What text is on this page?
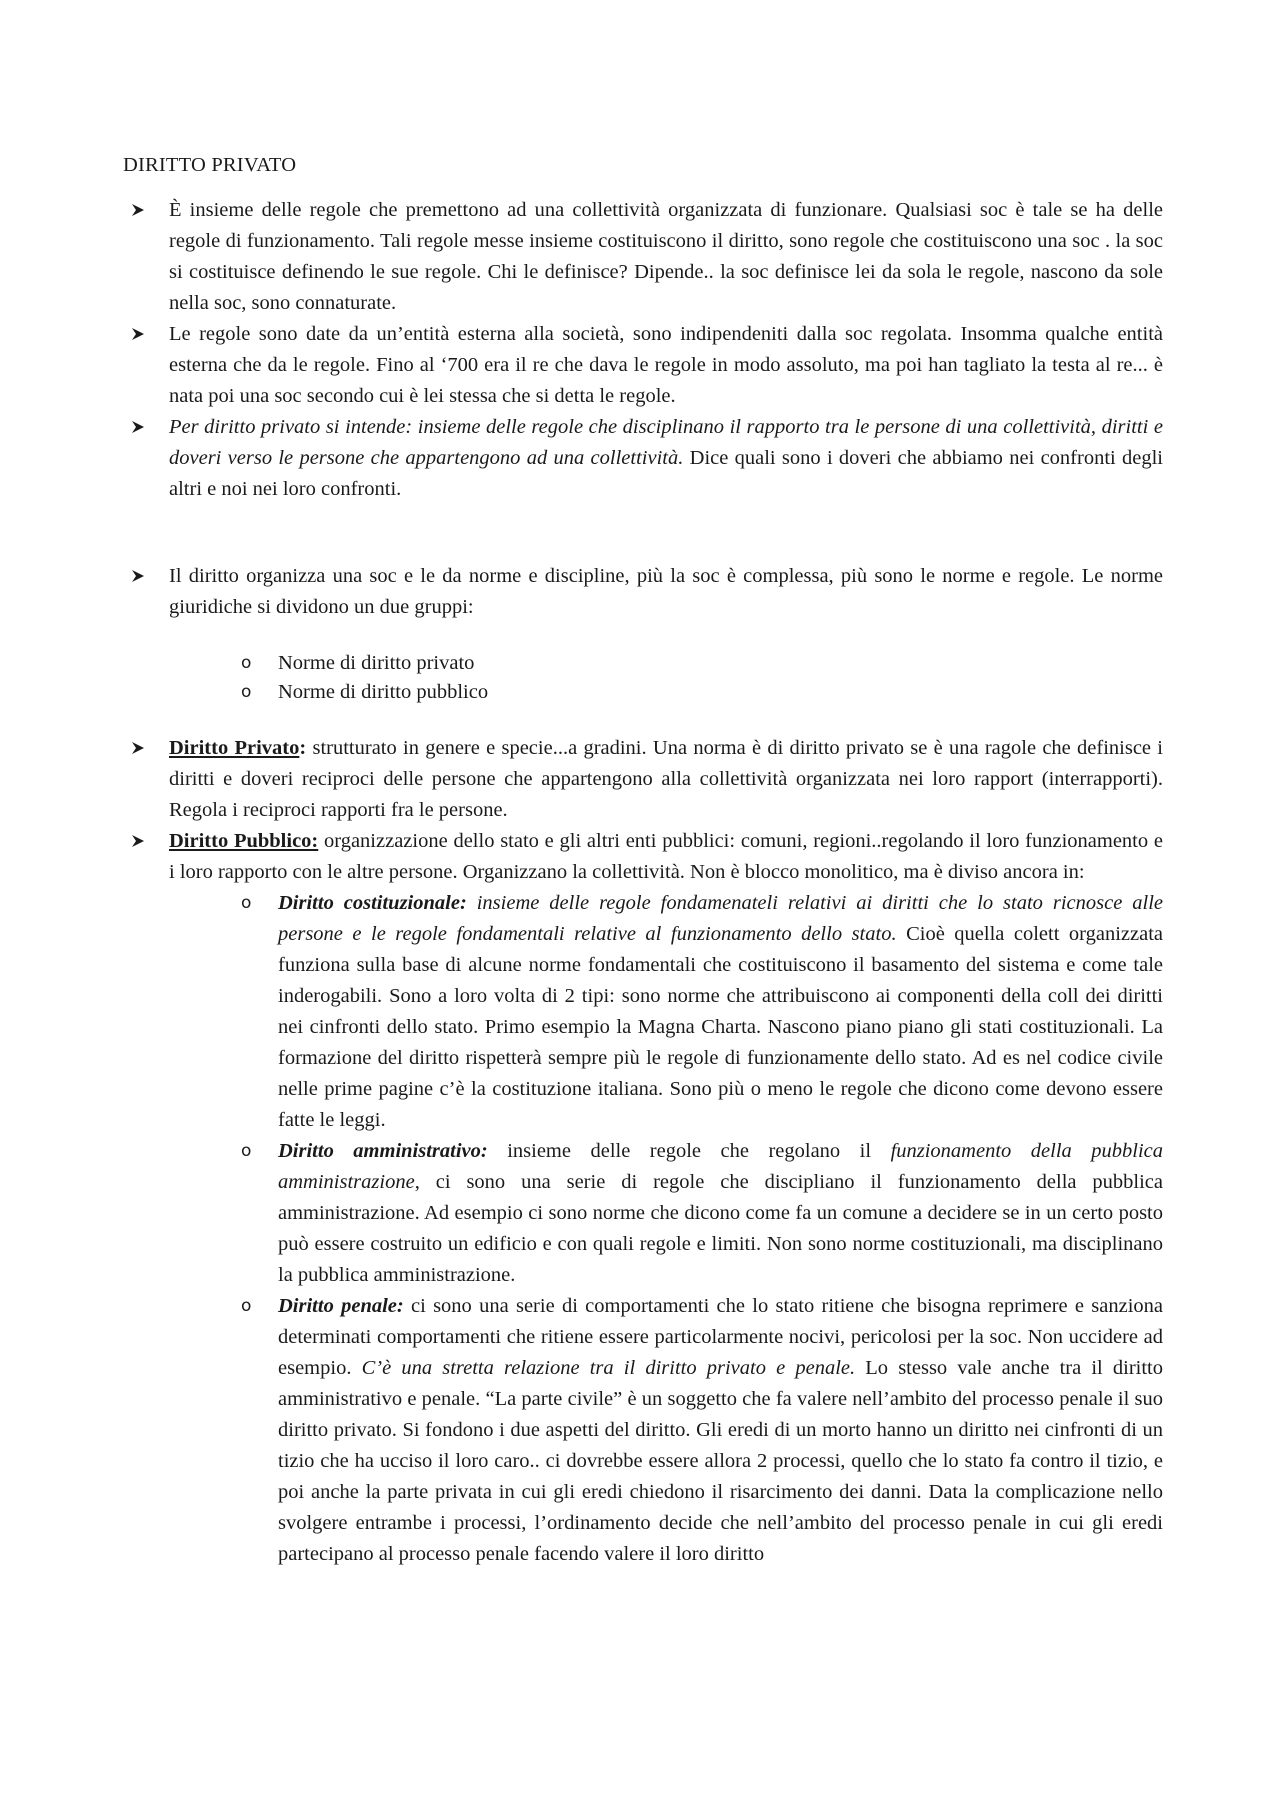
DIRITTO PRIVATO
È insieme delle regole che premettono ad una collettività organizzata di funzionare. Qualsiasi soc è tale se ha delle regole di funzionamento. Tali regole messe insieme costituiscono il diritto, sono regole che costituiscono una soc . la soc si costituisce definendo le sue regole. Chi le definisce? Dipende.. la soc definisce lei da sola le regole, nascono da sole nella soc, sono connaturate.
Le regole sono date da un’entità esterna alla società, sono indipendeniti dalla soc regolata. Insomma qualche entità esterna che da le regole. Fino al ‘700 era il re che dava le regole in modo assoluto, ma poi han tagliato la testa al re... è nata poi una soc secondo cui è lei stessa che si detta le regole.
Per diritto privato si intende: insieme delle regole che disciplinano il rapporto tra le persone di una collettività, diritti e doveri verso le persone che appartengono ad una collettività. Dice quali sono i doveri che abbiamo nei confronti degli altri e noi nei loro confronti.
Il diritto organizza una soc e le da norme e discipline, più la soc è complessa, più sono le norme e regole. Le norme giuridiche si dividono un due gruppi:
o Norme di diritto privato
o Norme di diritto pubblico
Diritto Privato: strutturato in genere e specie...a gradini. Una norma è di diritto privato se è una ragole che definisce i diritti e doveri reciproci delle persone che appartengono alla collettività organizzata nei loro rapport (interrapporti). Regola i reciproci rapporti fra le persone.
Diritto Pubblico: organizzazione dello stato e gli altri enti pubblici: comuni, regioni..regolando il loro funzionamento e i loro rapporto con le altre persone. Organizzano la collettività. Non è blocco monolitico, ma è diviso ancora in:
o Diritto costituzionale: insieme delle regole fondamenateli relativi ai diritti che lo stato ricnosce alle persone e le regole fondamentali relative al funzionamento dello stato. Cioè quella colett organizzata funziona sulla base di alcune norme fondamentali che costituiscono il basamento del sistema e come tale inderogabili. Sono a loro volta di 2 tipi: sono norme che attribuiscono ai componenti della coll dei diritti nei cinfronti dello stato. Primo esempio la Magna Charta. Nascono piano piano gli stati costituzionali. La formazione del diritto rispetterà sempre più le regole di funzionamente dello stato. Ad es nel codice civile nelle prime pagine c’è la costituzione italiana. Sono più o meno le regole che dicono come devono essere fatte le leggi.
o Diritto amministrativo: insieme delle regole che regolano il funzionamento della pubblica amministrazione, ci sono una serie di regole che discipliano il funzionamento della pubblica amministrazione. Ad esempio ci sono norme che dicono come fa un comune a decidere se in un certo posto può essere costruito un edificio e con quali regole e limiti. Non sono norme costituzionali, ma disciplinano la pubblica amministrazione.
o Diritto penale: ci sono una serie di comportamenti che lo stato ritiene che bisogna reprimere e sanziona determinati comportamenti che ritiene essere particolarmente nocivi, pericolosi per la soc. Non uccidere ad esempio. C’è una stretta relazione tra il diritto privato e penale. Lo stesso vale anche tra il diritto amministrativo e penale. “La parte civile” è un soggetto che fa valere nell’ambito del processo penale il suo diritto privato. Si fondono i due aspetti del diritto. Gli eredi di un morto hanno un diritto nei cinfronti di un tizio che ha ucciso il loro caro.. ci dovrebbe essere allora 2 processi, quello che lo stato fa contro il tizio, e poi anche la parte privata in cui gli eredi chiedono il risarcimento dei danni. Data la complicazione nello svolgere entrambe i processi, l’ordinamento decide che nell’ambito del processo penale in cui gli eredi partecipano al processo penale facendo valere il loro diritto
